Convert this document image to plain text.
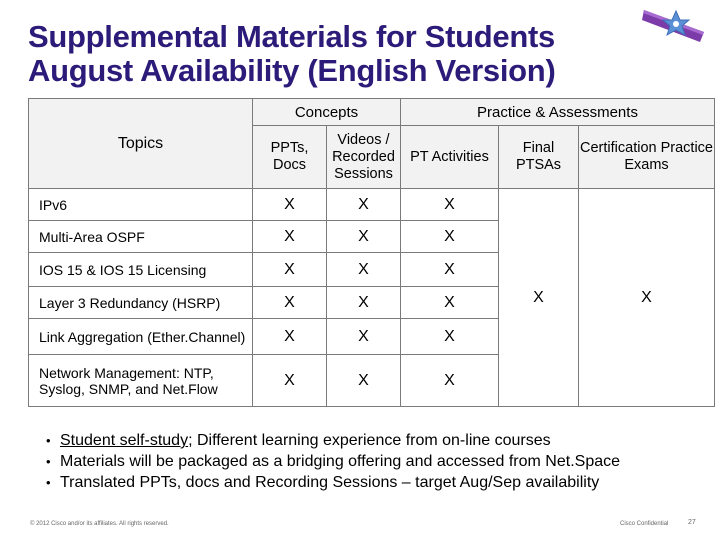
Supplemental Materials for Students
August Availability (English Version)
Topics	Concepts		Practice & Assessments		
	PPTs, Docs	Videos / Recorded Sessions	PT Activities	Final PTSAs	Certification Practice Exams
IPv6	X	X	X	X	X
Multi-Area OSPF	X	X	X		
IOS 15 & IOS 15 Licensing	X	X	X		
Layer 3 Redundancy (HSRP)	X	X	X		
Link Aggregation (Ether.Channel)	X	X	X		
Network Management: NTP, Syslog, SNMP, and Net.Flow	X	X	X		
• Student self-study; Different learning experience from on-line courses
• Materials will be packaged as a bridging offering and accessed from Net.Space
• Translated PPTs, docs and Recording Sessions – target Aug/Sep availability
© 2012 Cisco and/or its affiliates. All rights reserved.	Cisco Confidential	27
